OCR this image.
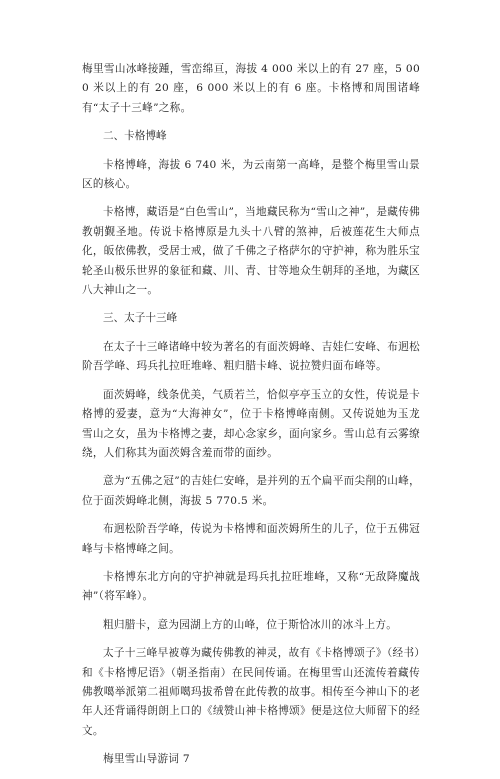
梅里雪山冰峰接踵，雪峦绵亘，海拔 4 000 米以上的有 27 座，5 000 米以上的有 20 座，6 000 米以上的有 6 座。卡格博和周围诸峰有“太子十三峰”之称。

二、卡格博峰

卡格博峰，海拔 6 740 米，为云南第一高峰，是整个梅里雪山景区的核心。

卡格博，藏语是“白色雪山”，当地藏民称为“雪山之神”，是藏传佛教朝觐圣地。传说卡格博原是九头十八臂的煞神，后被莲花生大师点化，皈依佛教，受居士戒，做了千佛之子格萨尔的守护神，称为胜乐宝轮圣山极乐世界的象征和藏、川、青、甘等地众生朝拜的圣地，为藏区八大神山之一。

三、太子十三峰

在太子十三峰诸峰中较为著名的有面茨姆峰、吉娃仁安峰、布迥松阶吾学峰、玛兵扎拉旺堆峰、粗归腊卡峰、说拉赞归面布峰等。

面茨姆峰，线条优美，气质若兰，恰似亭亭玉立的女性，传说是卡格博的爱妻，意为“大海神女”，位于卡格博峰南侧。又传说她为玉龙雪山之女，虽为卡格博之妻，却心念家乡，面向家乡。雪山总有云雾缭绕，人们称其为面茨姆含羞而带的面纱。

意为“五佛之冠”的吉娃仁安峰，是并列的五个扁平而尖削的山峰，位于面茨姆峰北侧，海拔 5 770.5 米。

布迥松阶吾学峰，传说为卡格博和面茨姆所生的儿子，位于五佛冠峰与卡格博峰之间。

卡格博东北方向的守护神就是玛兵扎拉旺堆峰，又称“无敌降魔战神”（将军峰）。

粗归腊卡，意为园湖上方的山峰，位于斯恰冰川的冰斗上方。

太子十三峰早被尊为藏传佛教的神灵，故有《卡格博颂子》（经书）和《卡格博尼语》（朝圣指南）在民间传诵。在梅里雪山还流传着藏传佛教噶举派第二祖师噶玛拔希曾在此传教的故事。相传至今神山下的老年人还背诵得朗朗上口的《绒赞山神卡格博颂》便是这位大师留下的经文。

梅里雪山导游词 7
